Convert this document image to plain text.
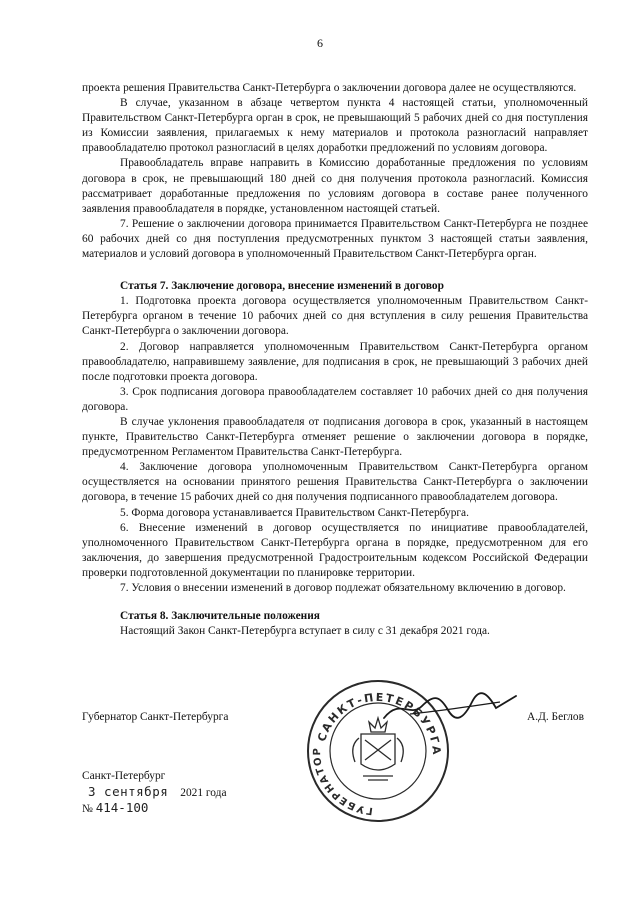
6

проекта решения Правительства Санкт-Петербурга о заключении договора далее не осуществляются.

В случае, указанном в абзаце четвертом пункта 4 настоящей статьи, уполномоченный Правительством Санкт-Петербурга орган в срок, не превышающий 5 рабочих дней со дня поступления из Комиссии заявления, прилагаемых к нему материалов и протокола разногласий направляет правообладателю протокол разногласий в целях доработки предложений по условиям договора.

Правообладатель вправе направить в Комиссию доработанные предложения по условиям договора в срок, не превышающий 180 дней со дня получения протокола разногласий. Комиссия рассматривает доработанные предложения по условиям договора в составе ранее полученного заявления правообладателя в порядке, установленном настоящей статьей.

7. Решение о заключении договора принимается Правительством Санкт-Петербурга не позднее 60 рабочих дней со дня поступления предусмотренных пунктом 3 настоящей статьи заявления, материалов и условий договора в уполномоченный Правительством Санкт-Петербурга орган.

Статья 7. Заключение договора, внесение изменений в договор

1. Подготовка проекта договора осуществляется уполномоченным Правительством Санкт-Петербурга органом в течение 10 рабочих дней со дня вступления в силу решения Правительства Санкт-Петербурга о заключении договора.

2. Договор направляется уполномоченным Правительством Санкт-Петербурга органом правообладателю, направившему заявление, для подписания в срок, не превышающий 3 рабочих дней после подготовки проекта договора.

3. Срок подписания договора правообладателем составляет 10 рабочих дней со дня получения договора.

В случае уклонения правообладателя от подписания договора в срок, указанный в настоящем пункте, Правительство Санкт-Петербурга отменяет решение о заключении договора в порядке, предусмотренном Регламентом Правительства Санкт-Петербурга.

4. Заключение договора уполномоченным Правительством Санкт-Петербурга органом осуществляется на основании принятого решения Правительства Санкт-Петербурга о заключении договора, в течение 15 рабочих дней со дня получения подписанного правообладателем договора.

5. Форма договора устанавливается Правительством Санкт-Петербурга.

6. Внесение изменений в договор осуществляется по инициативе правообладателей, уполномоченного Правительством Санкт-Петербурга органа в порядке, предусмотренном для его заключения, до завершения предусмотренной Градостроительным кодексом Российской Федерации проверки подготовленной документации по планировке территории.

7. Условия о внесении изменений в договор подлежат обязательному включению в договор.

Статья 8. Заключительные положения

Настоящий Закон Санкт-Петербурга вступает в силу с 31 декабря 2021 года.

Губернатор Санкт-Петербурга	А.Д. Беглов
САНКТ-ПЕТЕРБУРГА
ГУБЕРНАТОР
Санкт-Петербург
3 сентября 2021 года
№ 414-100
